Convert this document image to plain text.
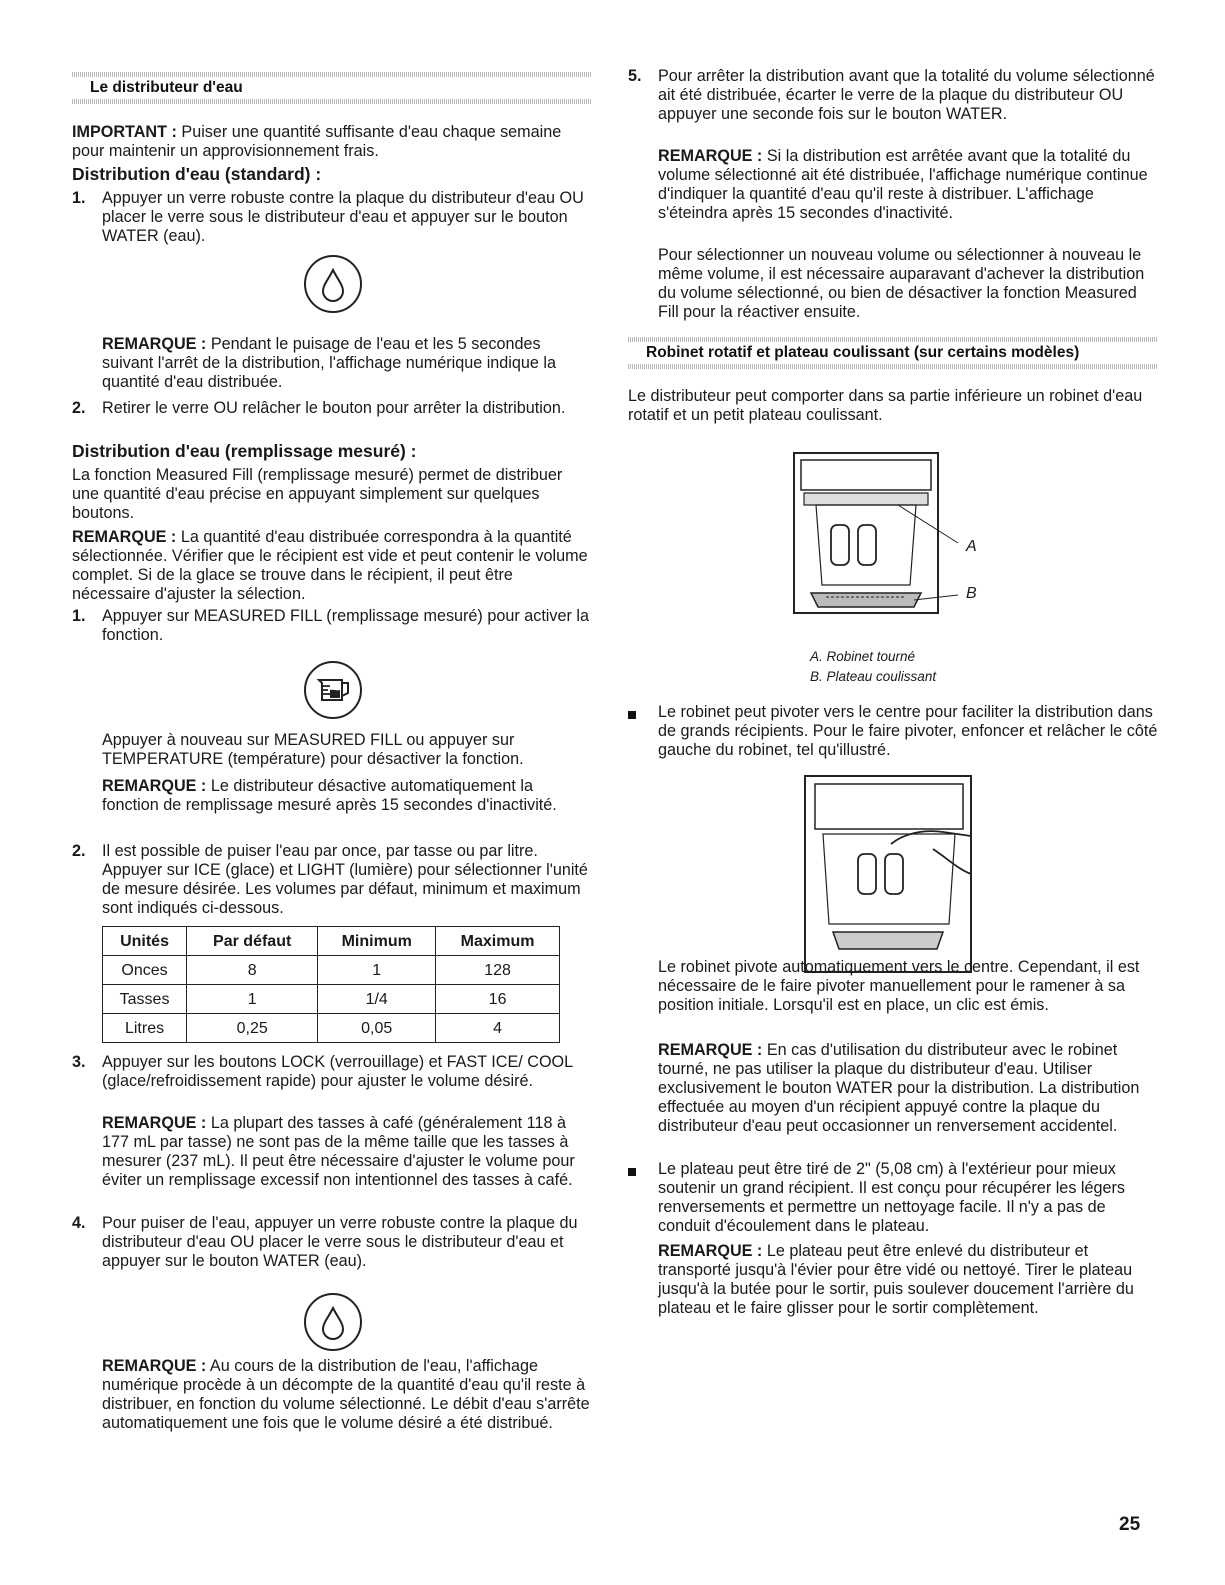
Le distributeur d'eau

IMPORTANT : Puiser une quantité suffisante d'eau chaque semaine pour maintenir un approvisionnement frais.

Distribution d'eau (standard) :
1. Appuyer un verre robuste contre la plaque du distributeur d'eau OU placer le verre sous le distributeur d'eau et appuyer sur le bouton WATER (eau).

REMARQUE : Pendant le puisage de l'eau et les 5 secondes suivant l'arrêt de la distribution, l'affichage numérique indique la quantité d'eau distribuée.

2. Retirer le verre OU relâcher le bouton pour arrêter la distribution.
Distribution d'eau (remplissage mesuré) :

La fonction Measured Fill (remplissage mesuré) permet de distribuer une quantité d'eau précise en appuyant simplement sur quelques boutons.

REMARQUE : La quantité d'eau distribuée correspondra à la quantité sélectionnée. Vérifier que le récipient est vide et peut contenir le volume complet. Si de la glace se trouve dans le récipient, il peut être nécessaire d'ajuster la sélection.

1. Appuyer sur MEASURED FILL (remplissage mesuré) pour activer la fonction.

Appuyer à nouveau sur MEASURED FILL ou appuyer sur TEMPERATURE (température) pour désactiver la fonction.

REMARQUE : Le distributeur désactive automatiquement la fonction de remplissage mesuré après 15 secondes d'inactivité.

2. Il est possible de puiser l'eau par once, par tasse ou par litre. Appuyer sur ICE (glace) et LIGHT (lumière) pour sélectionner l'unité de mesure désirée. Les volumes par défaut, minimum et maximum sont indiqués ci-dessous.
Unités	Par défaut	Minimum	Maximum
Onces	8	1	128
Tasses	1	1/4	16
Litres	0,25	0,05	4
3. Appuyer sur les boutons LOCK (verrouillage) et FAST ICE/ COOL (glace/refroidissement rapide) pour ajuster le volume désiré.

REMARQUE : La plupart des tasses à café (généralement 118 à 177 mL par tasse) ne sont pas de la même taille que les tasses à mesurer (237 mL). Il peut être nécessaire d'ajuster le volume pour éviter un remplissage excessif non intentionnel des tasses à café.

4. Pour puiser de l'eau, appuyer un verre robuste contre la plaque du distributeur d'eau OU placer le verre sous le distributeur d'eau et appuyer sur le bouton WATER (eau).

REMARQUE : Au cours de la distribution de l'eau, l'affichage numérique procède à un décompte de la quantité d'eau qu'il reste à distribuer, en fonction du volume sélectionné. Le débit d'eau s'arrête automatiquement une fois que le volume désiré a été distribué.

5. Pour arrêter la distribution avant que la totalité du volume sélectionné ait été distribuée, écarter le verre de la plaque du distributeur OU appuyer une seconde fois sur le bouton WATER.

REMARQUE : Si la distribution est arrêtée avant que la totalité du volume sélectionné ait été distribuée, l'affichage numérique continue d'indiquer la quantité d'eau qu'il reste à distribuer. L'affichage s'éteindra après 15 secondes d'inactivité.

Pour sélectionner un nouveau volume ou sélectionner à nouveau le même volume, il est nécessaire auparavant d'achever la distribution du volume sélectionné, ou bien de désactiver la fonction Measured Fill pour la réactiver ensuite.

Robinet rotatif et plateau coulissant (sur certains modèles)

Le distributeur peut comporter dans sa partie inférieure un robinet d'eau rotatif et un petit plateau coulissant.

A
B
A. Robinet tourné
B. Plateau coulissant

Le robinet peut pivoter vers le centre pour faciliter la distribution dans de grands récipients. Pour le faire pivoter, enfoncer et relâcher le côté gauche du robinet, tel qu'illustré.

Le robinet pivote automatiquement vers le centre. Cependant, il est nécessaire de le faire pivoter manuellement pour le ramener à sa position initiale. Lorsqu'il est en place, un clic est émis.

REMARQUE : En cas d'utilisation du distributeur avec le robinet tourné, ne pas utiliser la plaque du distributeur d'eau. Utiliser exclusivement le bouton WATER pour la distribution. La distribution effectuée au moyen d'un récipient appuyé contre la plaque du distributeur d'eau peut occasionner un renversement accidentel.

Le plateau peut être tiré de 2" (5,08 cm) à l'extérieur pour mieux soutenir un grand récipient. Il est conçu pour récupérer les légers renversements et permettre un nettoyage facile. Il n'y a pas de conduit d'écoulement dans le plateau.

REMARQUE : Le plateau peut être enlevé du distributeur et transporté jusqu'à l'évier pour être vidé ou nettoyé. Tirer le plateau jusqu'à la butée pour le sortir, puis soulever doucement l'arrière du plateau et le faire glisser pour le sortir complètement.

25
